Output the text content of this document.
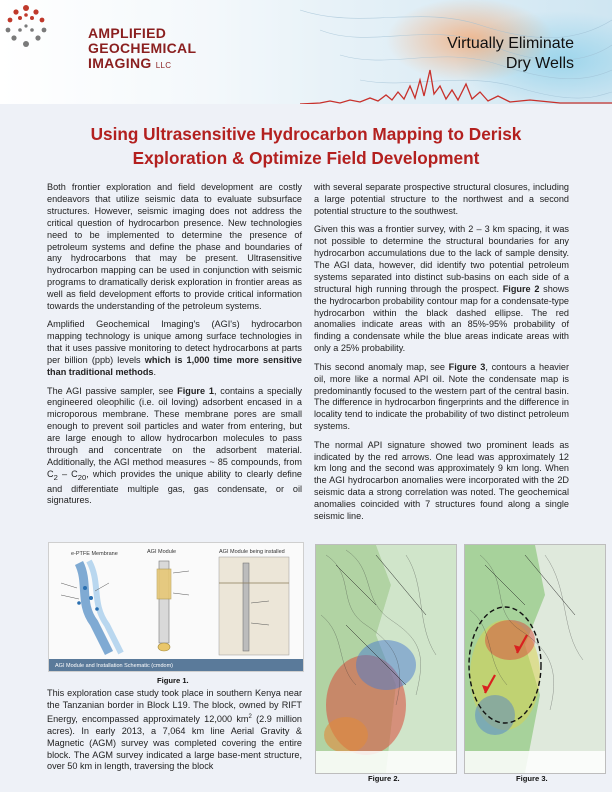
AMPLIFIED
GEOCHEMICAL
IMAGING LLC
Virtually Eliminate
Dry Wells
Using Ultrasensitive Hydrocarbon Mapping to Derisk
Exploration & Optimize Field Development

Both frontier exploration and field development are costly endeavors that utilize seismic data to evaluate subsurface structures. However, seismic imaging does not address the critical question of hydrocarbon presence. New technologies need to be implemented to determine the presence of petroleum systems and define the phase and boundaries of any hydrocarbons that may be present. Ultrasensitive hydrocarbon mapping can be used in conjunction with seismic programs to dramatically derisk exploration in frontier areas as well as field development efforts to provide critical information towards the understanding of the petroleum systems.

Amplified Geochemical Imaging's (AGI's) hydrocarbon mapping technology is unique among surface technologies in that it uses passive monitoring to detect hydrocarbons at parts per billion (ppb) levels which is 1,000 time more sensitive than traditional methods.

The AGI passive sampler, see Figure 1, contains a specially engineered oleophilic (i.e. oil loving) adsorbent encased in a microporous membrane. These membrane pores are small enough to prevent soil particles and water from entering, but are large enough to allow hydrocarbon molecules to pass through and concentrate on the adsorbent material. Additionally, the AGI method measures ~ 85 compounds, from $C_2 - C_{20}$, which provides the unique ability to clearly define and differentiate multiple gas, gas condensate, or oil signatures.

e-PTFE Membrane	AGI Module	AGI Module being installed
AGI Module and Installation Schematic (cmdom)
Figure 1.

This exploration case study took place in southern Kenya near the Tanzanian border in Block L19. The block, owned by RIFT Energy, encompassed approximately 12,000 $km^2$ (2.9 million acres). In early 2013, a 7,064 km line Aerial Gravity & Magnetic (AGM) survey was completed covering the entire block. The AGM survey indicated a large base-ment structure, over 50 km in length, traversing the block

with several separate prospective structural closures, including a large potential structure to the northwest and a second potential structure to the southwest.

Given this was a frontier survey, with 2 – 3 km spacing, it was not possible to determine the structural boundaries for any hydrocarbon accumulations due to the lack of sample density. The AGI data, however, did identify two potential petroleum systems separated into distinct sub-basins on each side of a structural high running through the prospect. Figure 2 shows the hydrocarbon probability contour map for a condensate-type hydrocarbon within the black dashed ellipse. The red anomalies indicate areas with an 85%-95% probability of finding a condensate while the blue areas indicate areas with only a 25% probability.

This second anomaly map, see Figure 3, contours a heavier oil, more like a normal API oil. Note the condensate map is predominantly focused to the western part of the central basin. The difference in hydrocarbon fingerprints and the difference in locality tend to indicate the probability of two distinct petroleum systems.

The normal API signature showed two prominent leads as indicated by the red arrows. One lead was approximately 12 km long and the second was approximately 9 km long. When the AGI hydrocarbon anomalies were incorporated with the 2D seismic data a strong correlation was noted. The geochemical anomalies coincided with 7 structures found along a single seismic line.

Figure 2.	Figure 3.
